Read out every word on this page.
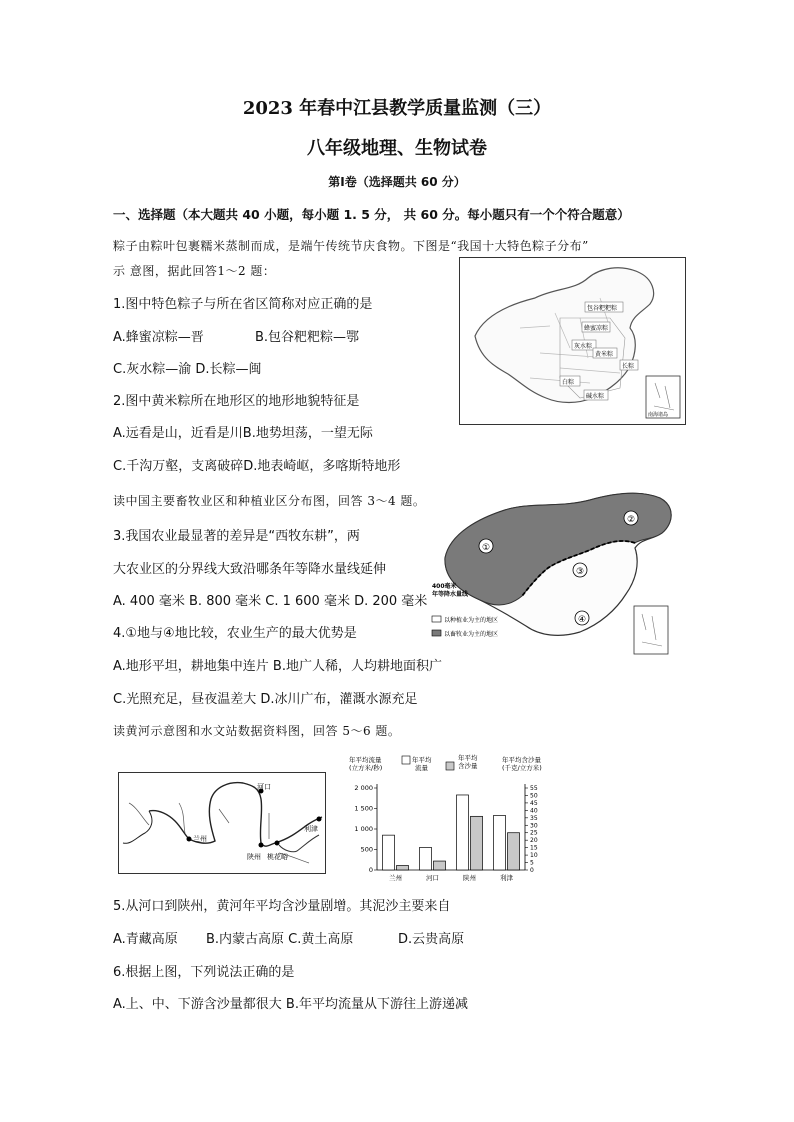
2023 年春中江县教学质量监测（三）
八年级地理、生物试卷
第Ⅰ卷（选择题共 60 分）
一、选择题（本大题共 40 小题，每小题 1. 5 分， 共 60 分。每小题只有一个个符合题意）
粽子由粽叶包裹糯米蒸制而成，是端午传统节庆食物。下图是“我国十大特色粽子分布”
示 意图，据此回答1～2 题：
包谷粑粑粽
蜂蜜凉粽
灰水粽
长粽
白粽
黄米粽
碱水粽
南海诸岛
1.图中特色粽子与所在省区简称对应正确的是
A.蜂蜜凉粽—晋	B.包谷粑粑粽—鄂
C.灰水粽—渝 D.长粽—闽
2.图中黄米粽所在地形区的地形地貌特征是
A.远看是山，近看是川B.地势坦荡，一望无际
C.千沟万壑，支离破碎D.地表崎岖，多喀斯特地形
读中国主要畜牧业区和种植业区分布图，回答 3～4 题。
①
②
③
④
400毫米
年等降水量线
以种植业为主的地区
以畜牧业为主的地区
3.我国农业最显著的差异是“西牧东耕”，两
大农业区的分界线大致沿哪条年等降水量线延伸
A. 400 毫米 B. 800 毫米 C. 1 600 毫米 D. 200 毫米
4.①地与④地比较，农业生产的最大优势是
A.地形平坦，耕地集中连片 B.地广人稀，人均耕地面积广
C.光照充足，昼夜温差大 D.冰川广布，灌溉水源充足
读黄河示意图和水文站数据资料图，回答 5～6 题。
河口
兰州
陕州
利津
桃花峪
年平均流量
(立方米/秒)
年平均含沙量
(千克/立方米)
年平均
流量
年平均
含沙量
0
500
1 000
1 500
2 000
0
5
10
15
20
25
30
35
40
45
50
55
兰州	河口	陕州	利津
5.从河口到陕州，黄河年平均含沙量剧增。其泥沙主要来自
A.青藏高原 B.内蒙古高原 C.黄土高原	D.云贵高原
6.根据上图，下列说法正确的是
A.上、中、下游含沙量都很大 B.年平均流量从下游往上游递减
